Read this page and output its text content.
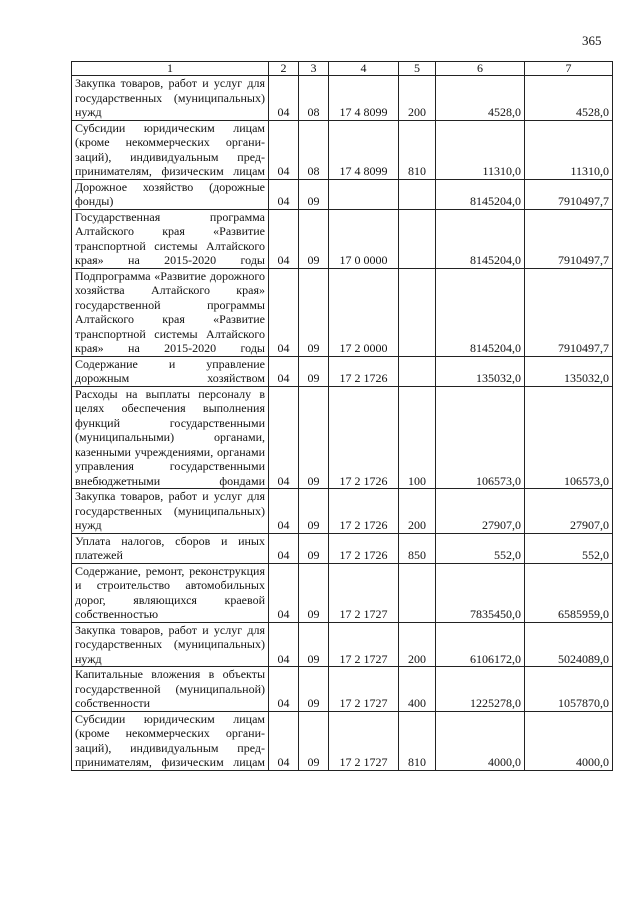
365
1	2	3	4	5	6	7
Закупка товаров, работ и услуг для государственных (муниципальных) нужд	04	08	17 4 8099	200	4528,0	4528,0
Субсидии юридическим лицам (кроме некоммерческих организаций), индивидуальным предпринимателям, физическим лицам	04	08	17 4 8099	810	11310,0	11310,0
Дорожное хозяйство (дорожные фонды)	04	09			8145204,0	7910497,7
Государственная программа Алтайского края «Развитие транспортной системы Алтайского края» на 2015-2020 годы	04	09	17 0 0000		8145204,0	7910497,7
Подпрограмма «Развитие дорожного хозяйства Алтайского края» государственной программы Алтайского края «Развитие транспортной системы Алтайского края» на 2015-2020 годы	04	09	17 2 0000		8145204,0	7910497,7
Содержание и управление дорожным хозяйством	04	09	17 2 1726		135032,0	135032,0
Расходы на выплаты персоналу в целях обеспечения выполнения функций государственными (муниципальными) органами, казенными учреждениями, органами управления государственными внебюджетными фондами	04	09	17 2 1726	100	106573,0	106573,0
Закупка товаров, работ и услуг для государственных (муниципальных) нужд	04	09	17 2 1726	200	27907,0	27907,0
Уплата налогов, сборов и иных платежей	04	09	17 2 1726	850	552,0	552,0
Содержание, ремонт, реконструкция и строительство автомобильных дорог, являющихся краевой собственностью	04	09	17 2 1727		7835450,0	6585959,0
Закупка товаров, работ и услуг для государственных (муниципальных) нужд	04	09	17 2 1727	200	6106172,0	5024089,0
Капитальные вложения в объекты государственной (муниципальной) собственности	04	09	17 2 1727	400	1225278,0	1057870,0
Субсидии юридическим лицам (кроме некоммерческих организаций), индивидуальным предпринимателям, физическим лицам	04	09	17 2 1727	810	4000,0	4000,0
